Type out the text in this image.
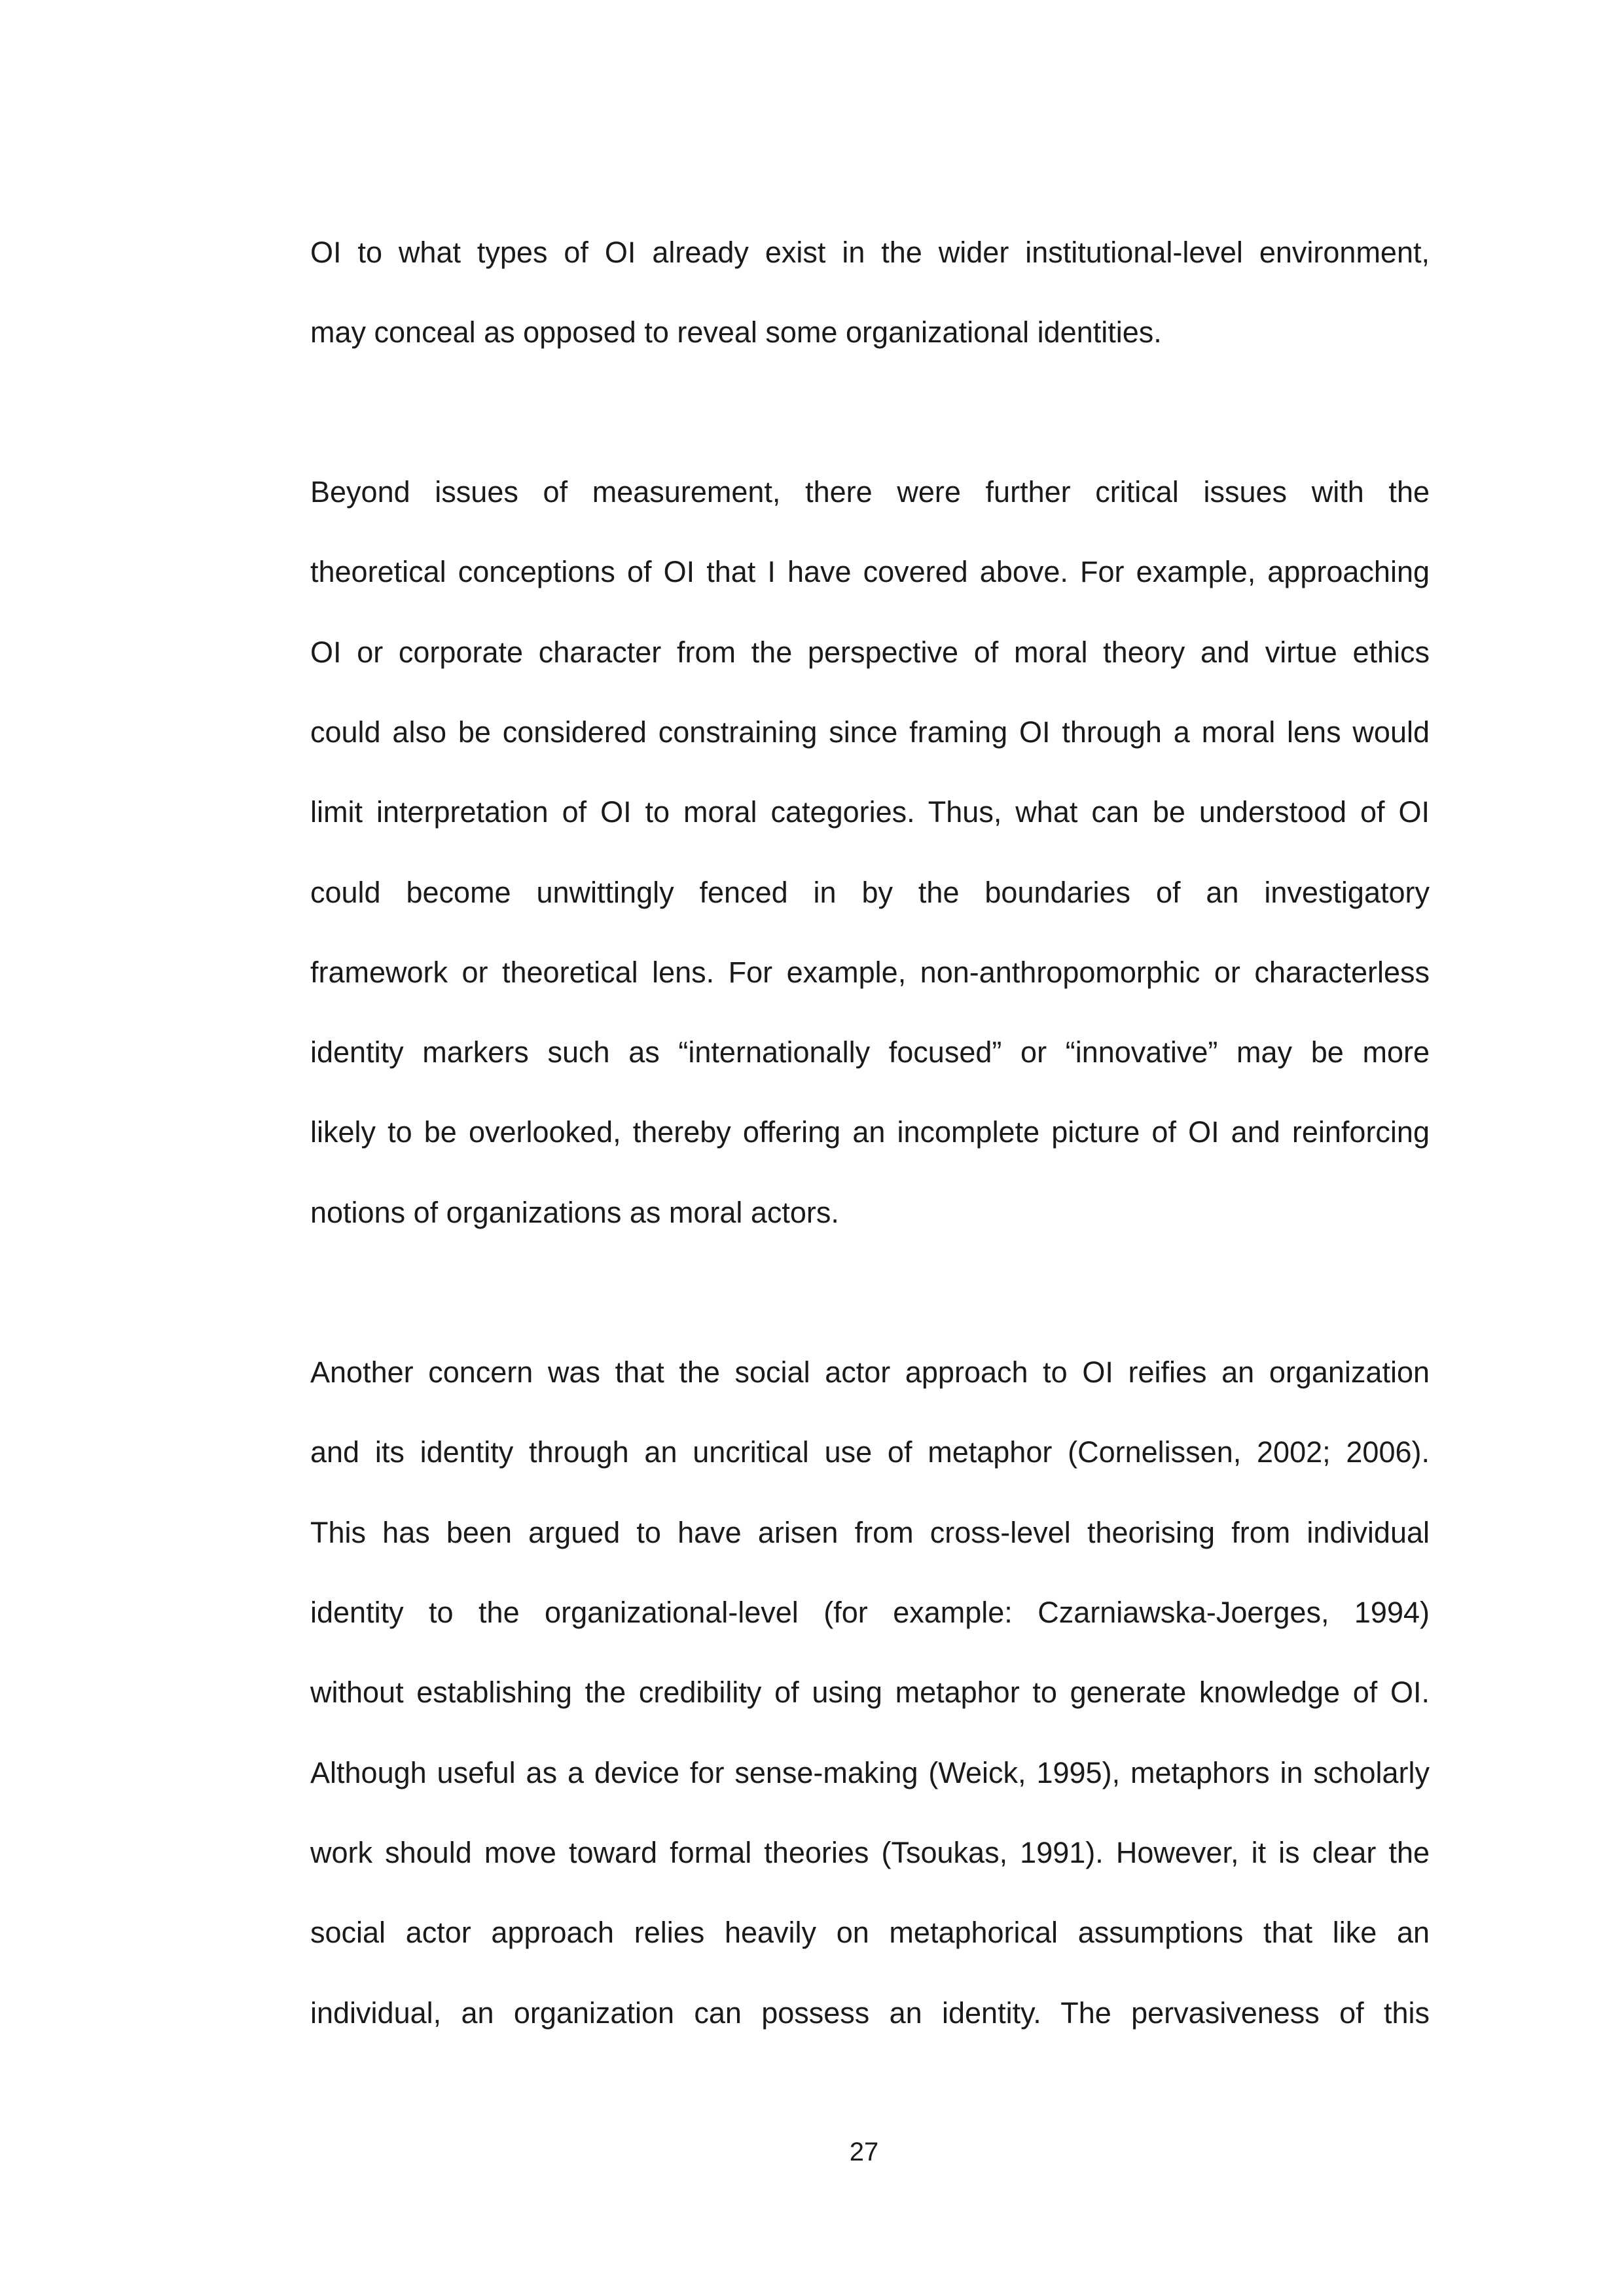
OI to what types of OI already exist in the wider institutional-level environment,
may conceal as opposed to reveal some organizational identities.
Beyond issues of measurement, there were further critical issues with the
theoretical conceptions of OI that I have covered above. For example, approaching
OI or corporate character from the perspective of moral theory and virtue ethics
could also be considered constraining since framing OI through a moral lens would
limit interpretation of OI to moral categories. Thus, what can be understood of OI
could become unwittingly fenced in by the boundaries of an investigatory
framework or theoretical lens. For example, non-anthropomorphic or characterless
identity markers such as “internationally focused” or “innovative” may be more
likely to be overlooked, thereby offering an incomplete picture of OI and reinforcing
notions of organizations as moral actors.
Another concern was that the social actor approach to OI reifies an organization
and its identity through an uncritical use of metaphor (Cornelissen, 2002; 2006).
This has been argued to have arisen from cross-level theorising from individual
identity to the organizational-level (for example: Czarniawska-Joerges, 1994)
without establishing the credibility of using metaphor to generate knowledge of OI.
Although useful as a device for sense-making (Weick, 1995), metaphors in scholarly
work should move toward formal theories (Tsoukas, 1991). However, it is clear the
social actor approach relies heavily on metaphorical assumptions that like an
individual, an organization can possess an identity. The pervasiveness of this
27
